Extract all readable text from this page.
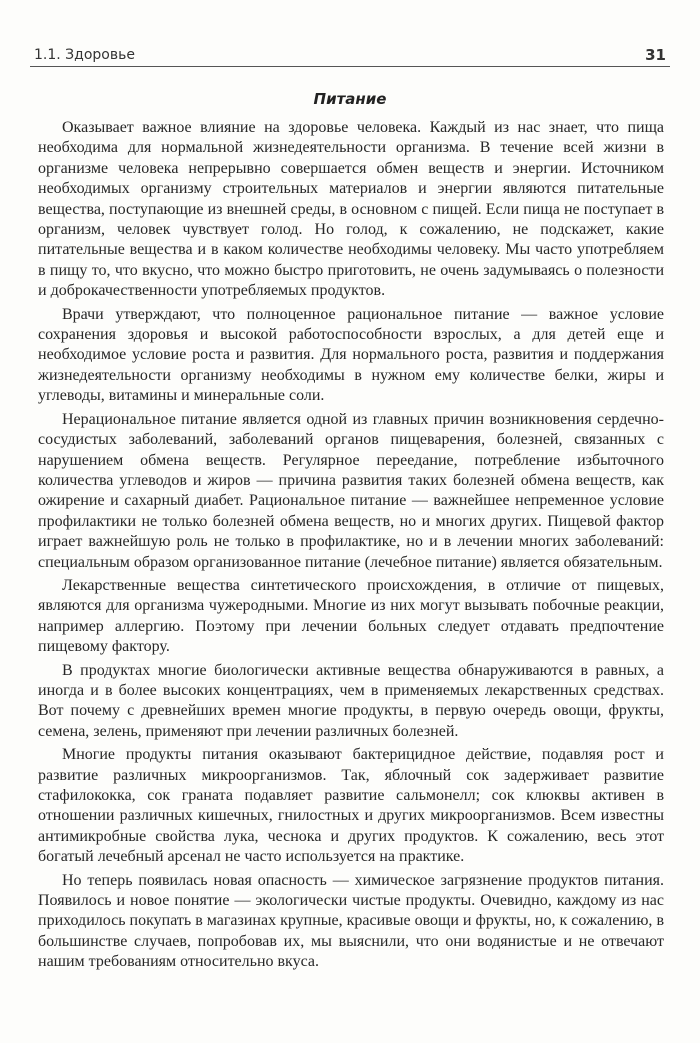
1.1. Здоровье	31
Питание

Оказывает важное влияние на здоровье человека. Каждый из нас знает, что пища необходима для нормальной жизнедеятельности организма. В течение всей жизни в организме человека непрерывно совершается обмен веществ и энергии. Источником необходимых организму строительных материалов и энергии являются питательные вещества, поступающие из внешней среды, в основном с пищей. Если пища не поступает в организм, человек чувствует голод. Но голод, к сожалению, не подскажет, какие питательные вещества и в каком количестве необходимы человеку. Мы часто употребляем в пищу то, что вкусно, что можно быстро приготовить, не очень задумываясь о полезности и доброкачественности употребляемых продуктов.

Врачи утверждают, что полноценное рациональное питание — важное условие сохранения здоровья и высокой работоспособности взрослых, а для детей еще и необходимое условие роста и развития. Для нормального роста, развития и поддержания жизнедеятельности организму необходимы в нужном ему количестве белки, жиры и углеводы, витамины и минеральные соли.

Нерациональное питание является одной из главных причин возникновения сердечно-сосудистых заболеваний, заболеваний органов пищеварения, болезней, связанных с нарушением обмена веществ. Регулярное переедание, потребление избыточного количества углеводов и жиров — причина развития таких болезней обмена веществ, как ожирение и сахарный диабет. Рациональное питание — важнейшее непременное условие профилактики не только болезней обмена веществ, но и многих других. Пищевой фактор играет важнейшую роль не только в профилактике, но и в лечении многих заболеваний: специальным образом организованное питание (лечебное питание) является обязательным.

Лекарственные вещества синтетического происхождения, в отличие от пищевых, являются для организма чужеродными. Многие из них могут вызывать побочные реакции, например аллергию. Поэтому при лечении больных следует отдавать предпочтение пищевому фактору.

В продуктах многие биологически активные вещества обнаруживаются в равных, а иногда и в более высоких концентрациях, чем в применяемых лекарственных средствах. Вот почему с древнейших времен многие продукты, в первую очередь овощи, фрукты, семена, зелень, применяют при лечении различных болезней.

Многие продукты питания оказывают бактерицидное действие, подавляя рост и развитие различных микроорганизмов. Так, яблочный сок задерживает развитие стафилококка, сок граната подавляет развитие сальмонелл; сок клюквы активен в отношении различных кишечных, гнилостных и других микроорганизмов. Всем известны антимикробные свойства лука, чеснока и других продуктов. К сожалению, весь этот богатый лечебный арсенал не часто используется на практике.

Но теперь появилась новая опасность — химическое загрязнение продуктов питания. Появилось и новое понятие — экологически чистые продукты. Очевидно, каждому из нас приходилось покупать в магазинах крупные, красивые овощи и фрукты, но, к сожалению, в большинстве случаев, попробовав их, мы выяснили, что они водянистые и не отвечают нашим требованиям относительно вкуса.
